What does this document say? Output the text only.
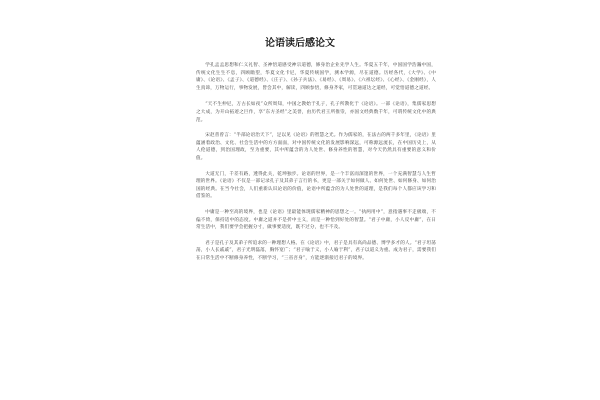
论语读后感论文

学孔孟孟思想和仁义礼智、圣神悟道感受神宗道德，修身治企业先学人生。华夏五千年，中国国学浩瀚中国，传统文化生生不息，四顾瞻望，华夏文化卡尼，华夏传统国学，测本学源，尽在道德。历经各代，《大学》、《中庸》、《论语》、《孟子》、《道德经》、《庄子》、《孙子兵法》、《易经》、《周易》、《六祖坛经》、《心经》、《金刚经》，人生真谛，万物运行，事物发展，皆会其中，解读，四顾参悟，修身齐家，可贯通道达之道经，可觉悟道德之道经。

“天不生仲尼，万古长如夜”众所周知，中国之教始于孔子，孔子所教化于《论语》。一部《论语》，集儒家思想之大成，为开山拓迹之巨作，享“东方圣经”之美誉，由历代君王所推崇，亦国文经典数千年，可谓传统文化中的典范。

宋赵普曾言：“半部论语治天下”，足以见《论语》的智慧之光。作为儒家的，在法古的两千多年里，《论语》里蕴涵着政治、文化、社会生活中的方方面面，对中国传统文化的发展影响深远，可称源远流长，在中国历史上，从人伦道德，到治国理政，至为重要，其中所蕴含的为人处世、修身养性的智慧，对今天仍然具有重要的意义和价值。

大道无门，千差有路，透得此关，乾坤独步。论语的世界，是一个丰富而深邃的世界，一个充满智慧与人生哲理的世界。《论语》不仅是一部记录孔子及其弟子言行的书，更是一部关于如何做人、如何处世、如何修身、如何治国的经典。在当今社会，人们重新认识论语的价值，论语中所蕴含的为人处世的道理，是我们每个人都应该学习和借鉴的。

中庸是一种至高的境界，也是《论语》里最能体现儒家精神的思想之一。“执两用中”，意指遇事不走极端，不偏不倚，保持适中的态度。中庸之道并不是折中主义，而是一种恰到好处的智慧。“君子中庸，小人反中庸”，在日常生活中，我们要学会把握分寸，做事要适度，既不过分，也不不及。

君子是孔子及其弟子所追求的一种理想人格。在《论语》中，君子是具有高尚品德、博学多才的人。“君子坦荡荡，小人长戚戚”，君子光明磊落，胸怀宽广；“君子喻于义，小人喻于利”，君子以道义为重。成为君子，需要我们在日常生活中不断修身养性，不断学习，“三省吾身”，方能逐渐接近君子的境界。
